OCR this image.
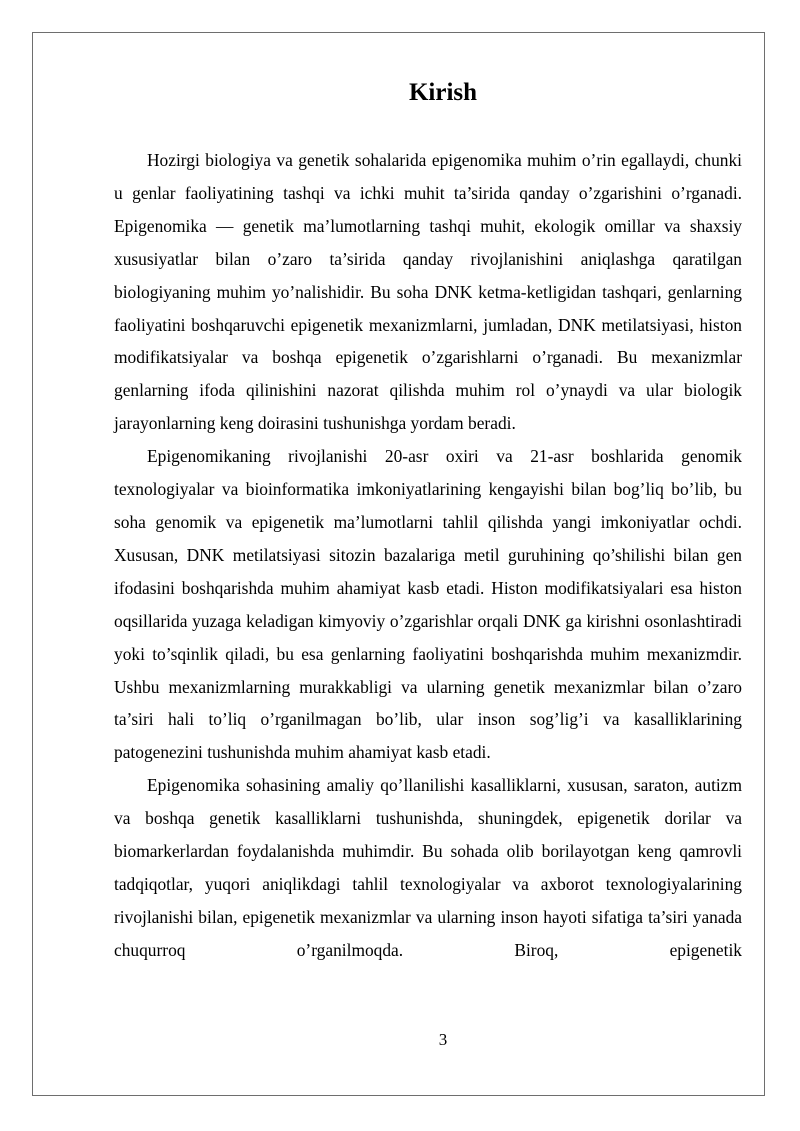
Kirish

Hozirgi biologiya va genetik sohalarida epigenomika muhim o’rin egallaydi, chunki u genlar faoliyatining tashqi va ichki muhit ta’sirida qanday o’zgarishini o’rganadi. Epigenomika — genetik ma’lumotlarning tashqi muhit, ekologik omillar va shaxsiy xususiyatlar bilan o’zaro ta’sirida qanday rivojlanishini aniqlashga qaratilgan biologiyaning muhim yo’nalishidir. Bu soha DNK ketma-ketligidan tashqari, genlarning faoliyatini boshqaruvchi epigenetik mexanizmlarni, jumladan, DNK metilatsiyasi, histon modifikatsiyalar va boshqa epigenetik o’zgarishlarni o’rganadi. Bu mexanizmlar genlarning ifoda qilinishini nazorat qilishda muhim rol o’ynaydi va ular biologik jarayonlarning keng doirasini tushunishga yordam beradi.

Epigenomikaning rivojlanishi 20-asr oxiri va 21-asr boshlarida genomik texnologiyalar va bioinformatika imkoniyatlarining kengayishi bilan bog’liq bo’lib, bu soha genomik va epigenetik ma’lumotlarni tahlil qilishda yangi imkoniyatlar ochdi. Xususan, DNK metilatsiyasi sitozin bazalariga metil guruhining qo’shilishi bilan gen ifodasini boshqarishda muhim ahamiyat kasb etadi. Histon modifikatsiyalari esa histon oqsillarida yuzaga keladigan kimyoviy o’zgarishlar orqali DNK ga kirishni osonlashtiradi yoki to’sqinlik qiladi, bu esa genlarning faoliyatini boshqarishda muhim mexanizmdir. Ushbu mexanizmlarning murakkabligi va ularning genetik mexanizmlar bilan o’zaro ta’siri hali to’liq o’rganilmagan bo’lib, ular inson sog’lig’i va kasalliklarining patogenezini tushunishda muhim ahamiyat kasb etadi.

Epigenomika sohasining amaliy qo’llanilishi kasalliklarni, xususan, saraton, autizm va boshqa genetik kasalliklarni tushunishda, shuningdek, epigenetik dorilar va biomarkerlardan foydalanishda muhimdir. Bu sohada olib borilayotgan keng qamrovli tadqiqotlar, yuqori aniqlikdagi tahlil texnologiyalar va axborot texnologiyalarining rivojlanishi bilan, epigenetik mexanizmlar va ularning inson hayoti sifatiga ta’siri yanada chuqurroq o’rganilmoqda. Biroq, epigenetik

3
